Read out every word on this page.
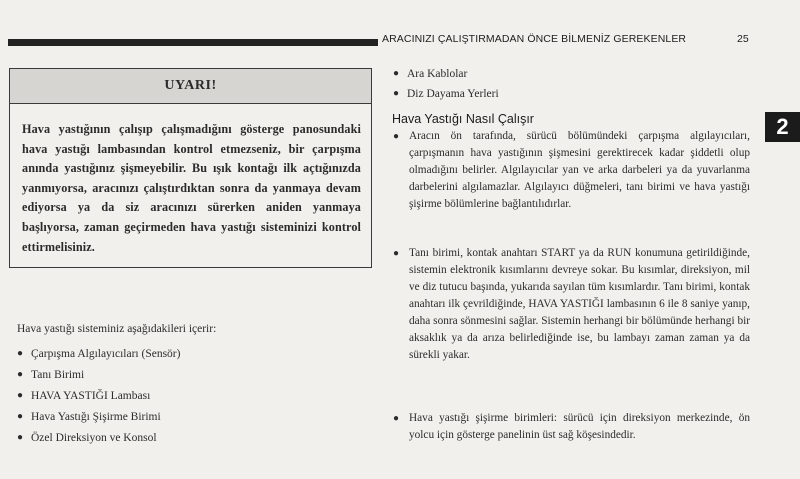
ARACINIZI ÇALIŞTIRMADAN ÖNCE BİLMENİZ GEREKENLER	25
2
UYARI!
Hava yastığının çalışıp çalışmadığını gösterge panosundaki hava yastığı lambasından kontrol etmezseniz, bir çarpışma anında yastığınız şişmeyebilir. Bu ışık kontağı ilk açtığınızda yanmıyorsa, aracınızı çalıştırdıktan sonra da yanmaya devam ediyorsa ya da siz aracınızı sürerken aniden yanmaya başlıyorsa, zaman geçirmeden hava yastığı sisteminizi kontrol ettirmelisiniz.
Hava yastığı sisteminiz aşağıdakileri içerir:
● Çarpışma Algılayıcıları (Sensör)
● Tanı Birimi
● HAVA YASTIĞI Lambası
● Hava Yastığı Şişirme Birimi
● Özel Direksiyon ve Konsol
● Ara Kablolar
● Diz Dayama Yerleri
Hava Yastığı Nasıl Çalışır
● Aracın ön tarafında, sürücü bölümündeki çarpışma algılayıcıları, çarpışmanın hava yastığının şişmesini gerektirecek kadar şiddetli olup olmadığını belirler. Algılayıcılar yan ve arka darbeleri ya da yuvarlanma darbelerini algılamazlar. Algılayıcı düğmeleri, tanı birimi ve hava yastığı şişirme bölümlerine bağlantılıdırlar.
● Tanı birimi, kontak anahtarı START ya da RUN konumuna getirildiğinde, sistemin elektronik kısımlarını devreye sokar. Bu kısımlar, direksiyon, mil ve diz tutucu başında, yukarıda sayılan tüm kısımlardır. Tanı birimi, kontak anahtarı ilk çevrildiğinde, HAVA YASTIĞI lambasının 6 ile 8 saniye yanıp, daha sonra sönmesini sağlar. Sistemin herhangi bir bölümünde herhangi bir aksaklık ya da arıza belirlediğinde ise, bu lambayı zaman zaman ya da sürekli yakar.
● Hava yastığı şişirme birimleri: sürücü için direksiyon merkezinde, ön yolcu için gösterge panelinin üst sağ köşesindedir.
